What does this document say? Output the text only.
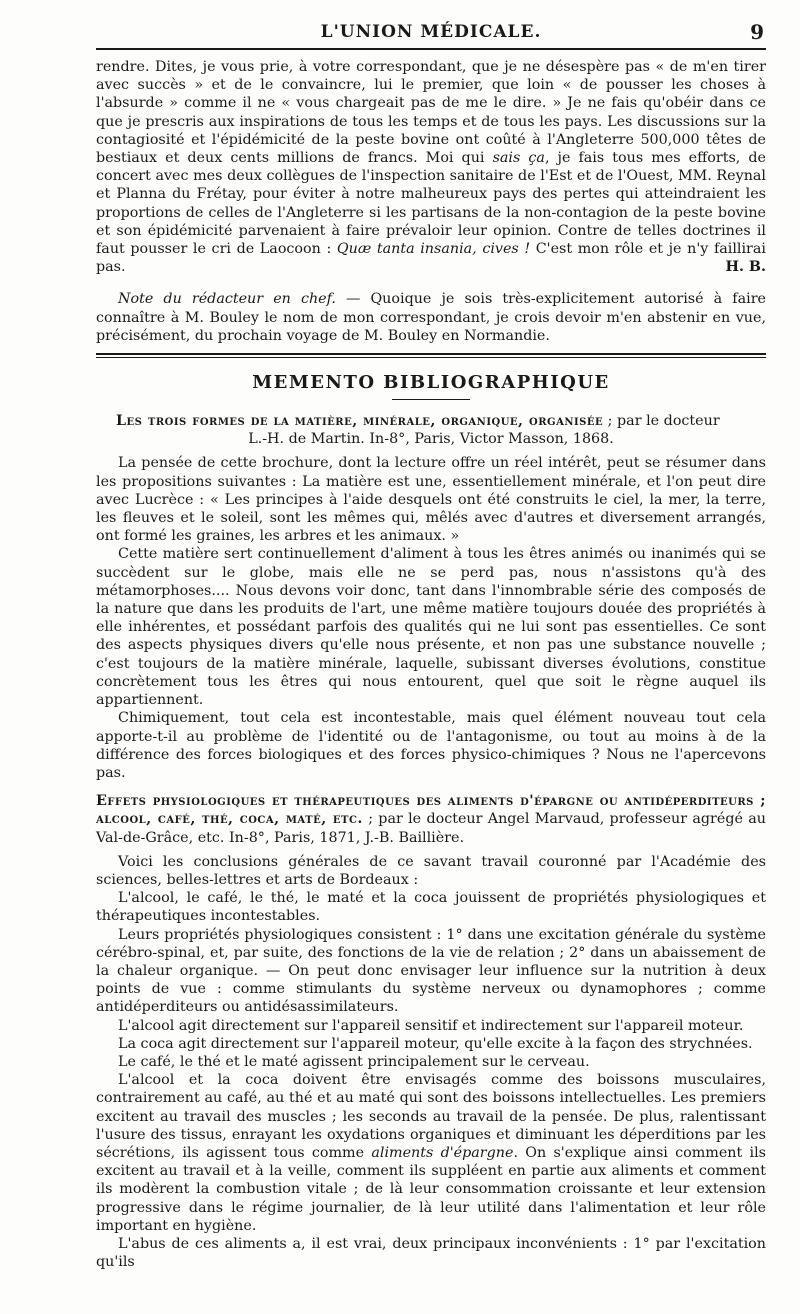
L'UNION MÉDICALE.	9

rendre. Dites, je vous prie, à votre correspondant, que je ne désespère pas « de m'en tirer avec succès » et de le convaincre, lui le premier, que loin « de pousser les choses à l'absurde » comme il ne « vous chargeait pas de me le dire. » Je ne fais qu'obéir dans ce que je prescris aux inspirations de tous les temps et de tous les pays. Les discussions sur la contagiosité et l'épidémicité de la peste bovine ont coûté à l'Angleterre 500,000 têtes de bestiaux et deux cents millions de francs. Moi qui sais ça, je fais tous mes efforts, de concert avec mes deux collègues de l'inspection sanitaire de l'Est et de l'Ouest, MM. Reynal et Planna du Frétay, pour éviter à notre malheureux pays des pertes qui atteindraient les proportions de celles de l'Angleterre si les partisans de la non-contagion de la peste bovine et son épidémicité parvenaient à faire prévaloir leur opinion. Contre de telles doctrines il faut pousser le cri de Laocoon : Quæ tanta insania, cives ! C'est mon rôle et je n'y faillirai pas.	H. B.

Note du rédacteur en chef. — Quoique je sois très-explicitement autorisé à faire connaître à M. Bouley le nom de mon correspondant, je crois devoir m'en abstenir en vue, précisément, du prochain voyage de M. Bouley en Normandie.

MEMENTO BIBLIOGRAPHIQUE

Les trois formes de la matière, minérale, organique, organisée ; par le docteur

L.-H. de Martin. In-8°, Paris, Victor Masson, 1868.

La pensée de cette brochure, dont la lecture offre un réel intérêt, peut se résumer dans les propositions suivantes : La matière est une, essentiellement minérale, et l'on peut dire avec Lucrèce : « Les principes à l'aide desquels ont été construits le ciel, la mer, la terre, les fleuves et le soleil, sont les mêmes qui, mêlés avec d'autres et diversement arrangés, ont formé les graines, les arbres et les animaux. »

Cette matière sert continuellement d'aliment à tous les êtres animés ou inanimés qui se succèdent sur le globe, mais elle ne se perd pas, nous n'assistons qu'à des métamorphoses.... Nous devons voir donc, tant dans l'innombrable série des composés de la nature que dans les produits de l'art, une même matière toujours douée des propriétés à elle inhérentes, et possédant parfois des qualités qui ne lui sont pas essentielles. Ce sont des aspects physiques divers qu'elle nous présente, et non pas une substance nouvelle ; c'est toujours de la matière minérale, laquelle, subissant diverses évolutions, constitue concrètement tous les êtres qui nous entourent, quel que soit le règne auquel ils appartiennent.

Chimiquement, tout cela est incontestable, mais quel élément nouveau tout cela apporte-t-il au problème de l'identité ou de l'antagonisme, ou tout au moins à de la différence des forces biologiques et des forces physico-chimiques ? Nous ne l'apercevons pas.

Effets physiologiques et thérapeutiques des aliments d'épargne ou antidéperditeurs ; alcool, café, thé, coca, maté, etc. ; par le docteur Angel Marvaud, professeur agrégé au Val-de-Grâce, etc. In-8°, Paris, 1871, J.-B. Baillière.

Voici les conclusions générales de ce savant travail couronné par l'Académie des sciences, belles-lettres et arts de Bordeaux :

L'alcool, le café, le thé, le maté et la coca jouissent de propriétés physiologiques et thérapeutiques incontestables.

Leurs propriétés physiologiques consistent : 1° dans une excitation générale du système cérébro-spinal, et, par suite, des fonctions de la vie de relation ; 2° dans un abaissement de la chaleur organique. — On peut donc envisager leur influence sur la nutrition à deux points de vue : comme stimulants du système nerveux ou dynamophores ; comme antidéperditeurs ou antidésassimilateurs.

L'alcool agit directement sur l'appareil sensitif et indirectement sur l'appareil moteur.

La coca agit directement sur l'appareil moteur, qu'elle excite à la façon des strychnées.

Le café, le thé et le maté agissent principalement sur le cerveau.

L'alcool et la coca doivent être envisagés comme des boissons musculaires, contrairement au café, au thé et au maté qui sont des boissons intellectuelles. Les premiers excitent au travail des muscles ; les seconds au travail de la pensée. De plus, ralentissant l'usure des tissus, enrayant les oxydations organiques et diminuant les déperditions par les sécrétions, ils agissent tous comme aliments d'épargne. On s'explique ainsi comment ils excitent au travail et à la veille, comment ils suppléent en partie aux aliments et comment ils modèrent la combustion vitale ; de là leur consommation croissante et leur extension progressive dans le régime journalier, de là leur utilité dans l'alimentation et leur rôle important en hygiène.

L'abus de ces aliments a, il est vrai, deux principaux inconvénients : 1° par l'excitation qu'ils
